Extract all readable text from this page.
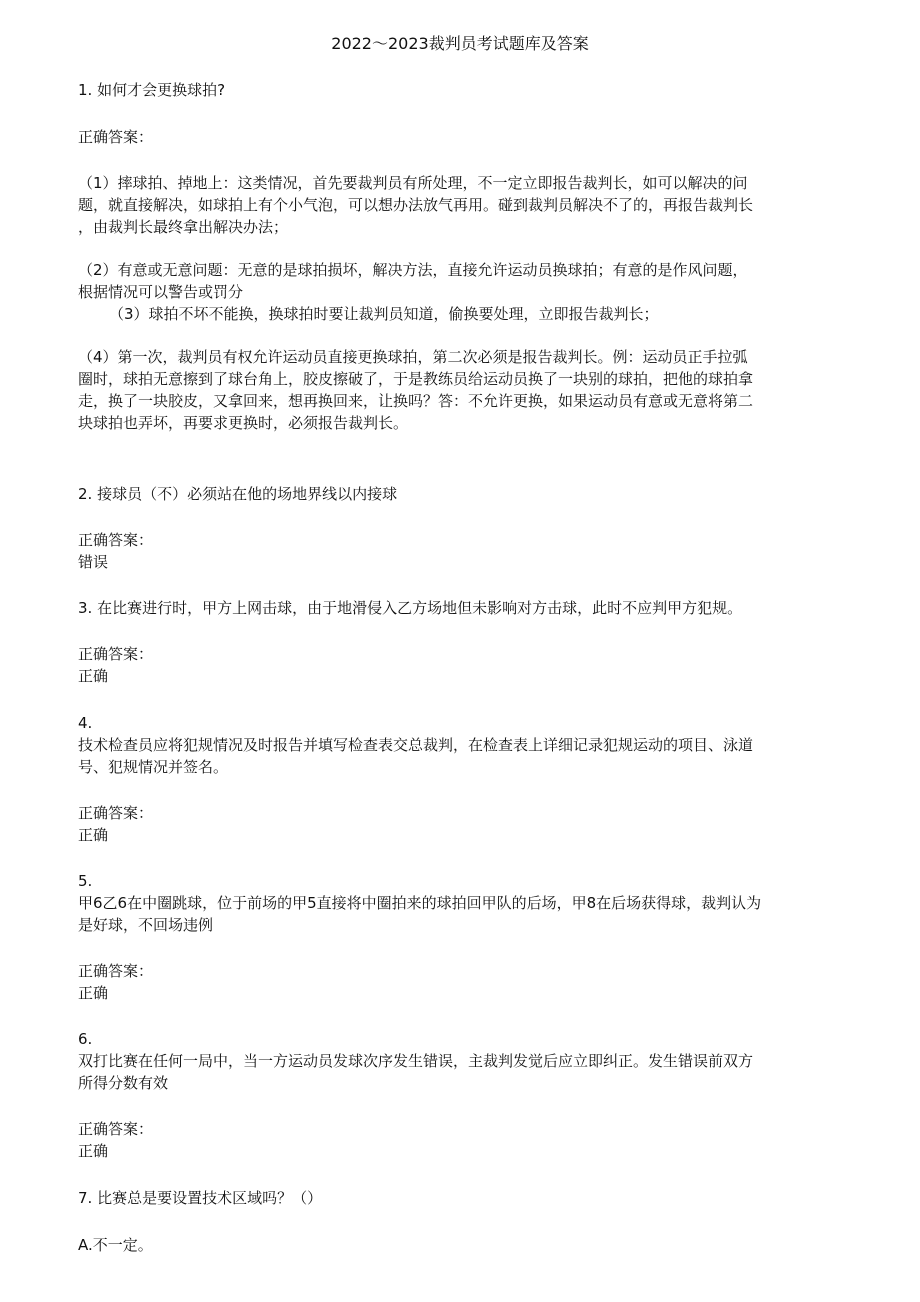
2022～2023裁判员考试题库及答案
1. 如何才会更换球拍?
正确答案：
（1）摔球拍、掉地上：这类情况，首先要裁判员有所处理，不一定立即报告裁判长，如可以解决的问
题，就直接解决，如球拍上有个小气泡，可以想办法放气再用。碰到裁判员解决不了的，再报告裁判长
，由裁判长最终拿出解决办法；
（2）有意或无意问题：无意的是球拍损坏，解决方法，直接允许运动员换球拍；有意的是作风问题，
根据情况可以警告或罚分
（3）球拍不坏不能换，换球拍时要让裁判员知道，偷换要处理，立即报告裁判长；
（4）第一次，裁判员有权允许运动员直接更换球拍，第二次必须是报告裁判长。例：运动员正手拉弧
圈时，球拍无意擦到了球台角上，胶皮擦破了，于是教练员给运动员换了一块别的球拍，把他的球拍拿
走，换了一块胶皮，又拿回来，想再换回来，让换吗？答：不允许更换，如果运动员有意或无意将第二
块球拍也弄坏，再要求更换时，必须报告裁判长。
2. 接球员（不）必须站在他的场地界线以内接球
正确答案：
错误
3. 在比赛进行时，甲方上网击球，由于地滑侵入乙方场地但未影响对方击球，此时不应判甲方犯规。
正确答案：
正确
4.
技术检查员应将犯规情况及时报告并填写检查表交总裁判，在检查表上详细记录犯规运动的项目、泳道
号、犯规情况并签名。
正确答案：
正确
5.
甲6乙6在中圈跳球，位于前场的甲5直接将中圈拍来的球拍回甲队的后场，甲8在后场获得球，裁判认为
是好球，不回场违例
正确答案：
正确
6.
双打比赛在任何一局中，当一方运动员发球次序发生错误，主裁判发觉后应立即纠正。发生错误前双方
所得分数有效
正确答案：
正确
7. 比赛总是要设置技术区域吗？（）
A.不一定。
